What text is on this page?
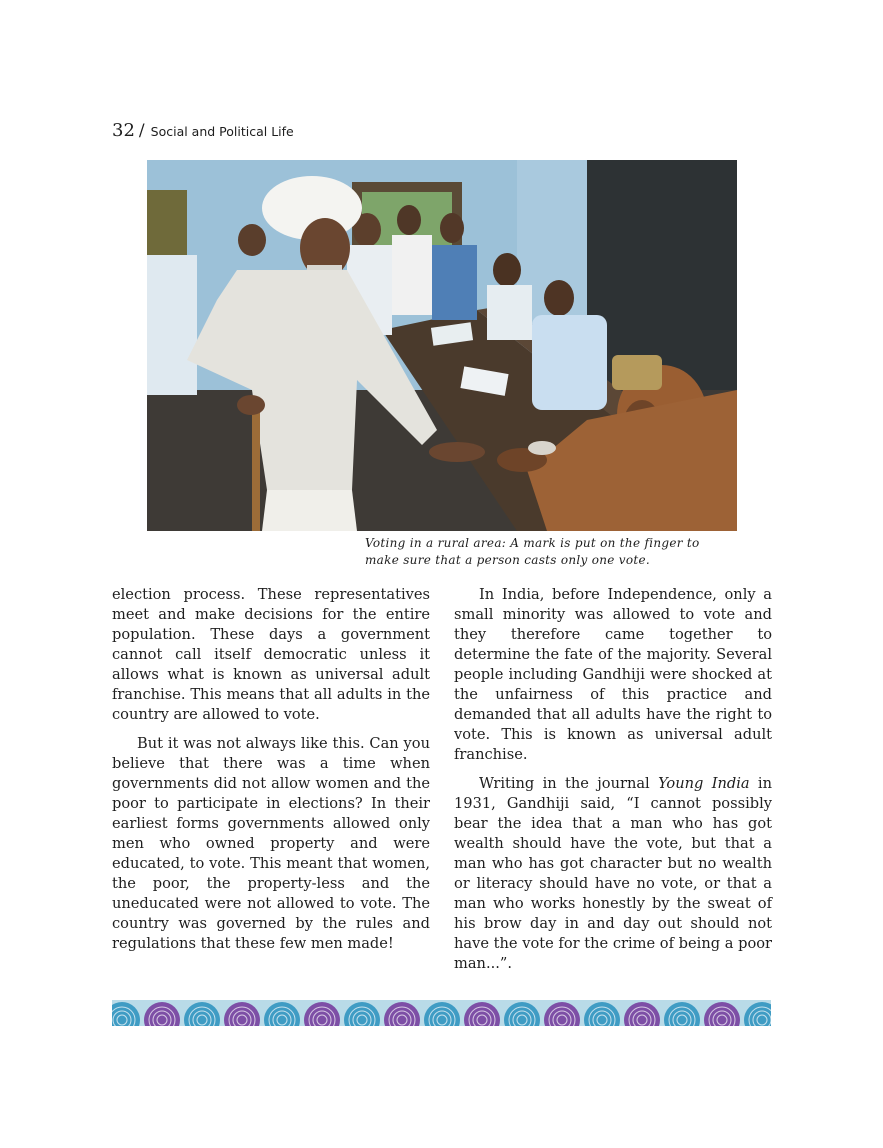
32 / Social and Political Life
Voting in a rural area: A mark is put on the finger to
make sure that a person casts only one vote.

election process. These representatives meet and make decisions for the entire population. These days a government cannot call itself democratic unless it allows what is known as universal adult franchise. This means that all adults in the country are allowed to vote.

But it was not always like this. Can you believe that there was a time when governments did not allow women and the poor to participate in elections? In their earliest forms governments allowed only men who owned property and were educated, to vote. This meant that women, the poor, the property-less and the uneducated were not allowed to vote. The country was governed by the rules and regulations that these few men made!

In India, before Independence, only a small minority was allowed to vote and they therefore came together to determine the fate of the majority. Several people including Gandhiji were shocked at the unfairness of this practice and demanded that all adults have the right to vote. This is known as universal adult franchise.

Writing in the journal Young India in 1931, Gandhiji said, “I cannot possibly bear the idea that a man who has got wealth should have the vote, but that a man who has got character but no wealth or literacy should have no vote, or that a man who works honestly by the sweat of his brow day in and day out should not have the vote for the crime of being a poor man...”.
